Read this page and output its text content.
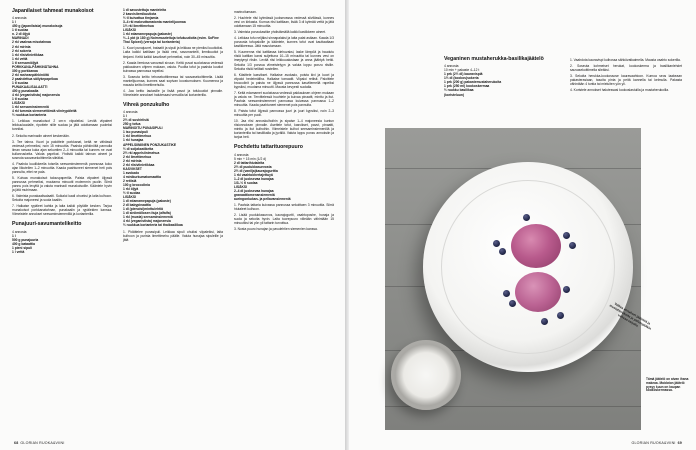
Japanilaiset tahmeat munakoisot
4 annosta
1 l
450 g (japanilaisia) munakoisoja
1 tl suolaa
n. 2 dl öljyä
MARINADI
2 rkl vaaleaa misotahnaa
2 rkl mirinia
2 rkl sokeria
1 rkl riisiviinietikkaa
1 rkl vettä
1 tl seesamiöljyä
PORKKANA-PÄHKINÄTAHNA
300 g porkkanaa
2 rkl rasheanpähkinöitä
2 paahdettua säilykepaprikaa
1 tl suolaa
PUNAKAALISALAATTI
400 g punakaalia
4 rkl (veganistista) majoneesia
1 tl suolaa
LISÄKSI
1 rkl seesaminsiemeniä
4 rkl tummia siemenettömiä viinirypäleitä
½ ruukkua korianteria
1. Leikkaa munakoisot 2 cm:n viipaleiksi. Levitä viipaleet leikkuulaudalle, ripottele niille suolaa ja jätä odottamaan puoleksi tunniksi.
2. Sekoita marinadin aineet keskenään.
3. Tee tahna. Kuori ja paloittele porkkanat, keitä ne vähässä vedessä pehmeiksi, noin 15 minuuttia. Paahda pähkinöitä pannulla ilman rasvaa kuka ajan sekuntien 2–4 minuuttia tai kunnes ne ovat kullanruskeita. Valuta paprikat. Yhdistä kaikki tahnan aineet ja soseuta sauvasekoittimella sileäksi.
4. Paahda kuulikkeella toisella seesaminsiemeniä pannussa koko ajan liikutellen 1–2 minuuttia. Kaada paahtuneet siemenet heti pois pannulta, ettei ne pala.
5. Kuivaa munakoisot talouspaperilla. Paista viipaleet öljyssä pannussa pehmeiksi, muutama minuutti molemmin puolin. Siirrä pannu pois levyltä ja valuta marinadi munakoisoille. Kääntele hyvin ja jätä muhimaan.
6. Valmista punakaalisalaatti. Suikaloi kaali ohueksi ja laita kulhoon. Sekoita majoneesi ja suola kaaliin.
7. Halkaise rypäleet kahtia ja laita kaikki pöytälle kesken. Tarjoa munakoisot porkkanatahnan, punakaalin ja rypäleiden kanssa. Viimeistele annokset seesaminsiemenillä ja korianterilla.
Punajuuri-savumantelikeitto
4 annosta
1 l
500 g punajuuria
400 g bataattia
1 pieni sipuli
1 l vettä
1 dl savustettuja manteleita
2 kasvisliemikuutiota
½ tl kuivattua timjamia
3–4 rkl makeuttamatonta mantelijuomaa
1½ rkl limettimehua
LISÄKSI
1 rkl edamamepapuja (pakaste)
½–1 pkt (à 180 g) Noimmuutettuja tofukuutioita (esim. SoFine Thai Spiced) (versoja tai korianteria)
1. Kuori punajuuret, bataatit ja sipuli ja leikkaa ne pieniksi kuutioiksi. Laita kaikki kattilaan ja lisää vesi, savumantelit, liemikuutiot ja timjami. Keitä kaikki kasvikset pehmeiksi, noin 30–45 minuuttia.
2. Kaada liemiosa varovasti sivuun. Keitä puvat suolatussa vedessä pakkauksen ohjeen mukaan, valuta. Puolita tofut ja paahda kuutiot kuivassa pannussa rapeiksi.
3. Soseuta keitto tehosekoittimessa tai sauvasekoittimella. Lisää mantelijuomaa, kunnes saat sopivan koostumuksen. Kuumenna ja mausta keitto limettimehulla.
4. Jaa keitto lautasille ja lisää pavut ja tofukuutiot pinnalle. Viimeistele annokset halutessasi versoilla tai korianterilla.
Vihreä ponzukulho
4 annosta
1 l
2½ dl sushiriisiä
250 g tofua
MARINOITU PUNASIPULI
1 iso punasipuli
1 rkl limettimehua
1 rkl hunajaa
APPELSIINIINEN PONZUKASTIKE
½ dl soijakastiketta
2½ rkl appelsiinimehua
2 rkl limettimehua
2 rkl mirinia
2 rkl riisiviinietikkaa
KASVIKSET
1 avokado
4 minikurkumatomaattia
2 retiisiä
100 g broccolinia
1 rkl öljyä
½ tl suolaa
LISÄKSI
1 dl edamamepapuja (pakaste)
2 dl babypinaattia
1 dl (pienoisi)minttulehtiä
1 dl siniimällosen ituja (alfalfa)
1 rkl (musta) seesaminsiemeniä
4 rkl (veganistista) majoneesia
½ ruukkua korianteria tai thaibasilikaa
1. Pidättelee punasipuli. Leikkaa sipuli ohuiksi viipaleiksi, laita kulhoon ja purista limettimehu päälle. Valuta hunajaa sipuleille ja jätä
marinoitumaan.
2. Huuhtele riisi kylmässä juoksevassa vedessä siivilässä, kunnes vesi on kirkasta. Kumoa riisi kattilaan, lisää 3 dl kylmää vettä ja jätä odottamaan 15 minuuttia.
3. Valmista ponzukastike yhdistämällä kaikki kastikkeen aineet.
4. Leikkaa tofu neljäksi sinnapalaksi ja laita palat astiaan. Kaada 1/3 ponzusta tofupaloille ja kääntele, kunnes tofut ovat kauttaaltaan kastikkeessa. Jätä maustumaan.
5. Kuumenna riisi kattilassa kiehuvaksi, laske lämpöä ja haudutu riisiä kattilan kansi suljettuna 10–15 minuuttia tai kunnes vesi on imeytynyt riisiin. Levitä riisi leikkuualustaan ja anna jäähtyä hetki. Sekoita 1/3 ponzua viimeistelyyn ja valuta loppu ponzu riisille. Sekoita riisiä hellästi nostellen.
6. Käsittele kasvikset. Halkaise avokado, poista kivi ja kuori ja viipaloi hedelmäliha. Halkaise tomaatit. Viipaloi retiisit. Paloittele broccolinit ja paista ne öljyssä pannussa kasviliemellä rapeiksi kypsiksi, muutama minuutti. Mausta kevyesti suolalla.
7. Keitä edamamet suolatussa vedessä pakkauksen ohjeen mukaan ja valuta ne. Tervittelessä huuhtele ja kuivaa pinaatit, minttu ja itut. Paahda seesaminsiemenet pannussa kuivassa pannussa 1–2 minuuttia. Kaada paahtuneet siemenet pois pannulta.
8. Paista tofut öljyssä pannussa juuri ja juuri kypsiksi, noin 2–3 minuuttia per puoli.
10. Jaa riisi annoskulhoihin ja sipaise 1–4 majoneesia kuntun riisionnoksen pinnalle. Asettele tofut, kasvikset, pavut, pinaatti, minttu ja itut kulhoihin. Viimeistele kulhot seesaminsiemenillä ja korianterilla tai basilikalla ja jyvällä. Valuta loppu ponzu annoksiin ja tarjoa heti.
Pochdettu tattarituorepuuro
4 annosta
5 min + 15 min (1/2 d)
2 dl tattarihiutaleita
2½ dl puolukkasurvosta
2½ dl (vanilja)kaurajogurttia
1 rkl vaahtokhertajettuyä
1–2 dl juoksevaa hunajaa
1/3–½ tl suolaa
LISÄKSI
2–4 dl juoksevaa hunajaa
granaattiomenansiemeniä
auringonkukan- ja pellavansiemeniä
1. Paahda tattaria kuivassa pannussa sekoittaen 3 minuuttia. Siirrä hiutaleet kulhoon.
2. Lisää puolukkasurvos, kaurajogurtti, vaahtoposhe, hunaja ja suola ja sekoita hyvin. Laita tuorepuuro viileään vähintään 15 minuutiksi tai yön yli tattarin turvottua.
3. Nosta puuro hunajan ja pavulehtien siemenien kanssa.
68 GLORIAN RUOKA&VIINI
Veganinen mustaherukka-basilikajäätelö
4 annosta
10 min + pakaste 4–12 t
1 prk (2½ dl) kauravispiä
1½ dl (kookos)sokeria
1 prk (200 g) pakastemustaherukoita
1 prk (250 ml) kookoskermaa
½ ruukku basilikaa
(koristeluun)
1. Vaahdota kauravispi kulhossa sähkövatkaimella. Mausta vaahto sokerilla.
2. Soseuta kohmeiset herukat, kookoskerma ja basilikanlehdet sauvasekoittimella sileäksi.
3. Sekoita herukka-kookossose kauravaahtoon. Kumoa seos laakeaan pakasterasiaan, tasoita pinta ja peitä kannella tai kelmulla. Pakasta vähintään 4 tuntia tai mieluiten yön yli.
4. Koristele annokset halutessasi kookoslastuilla ja mustaherukoilla.
Valkea annakset jäätelöä ja mustaherukoita ja pidempääkin vahvaa tarjoilu.
Tämä jäätelö on aivan ihana makeaa. Maidoton jäätelö pysyy kuun on kaupan kookoskermassa.
GLORIAN RUOKA&VIINI 69
